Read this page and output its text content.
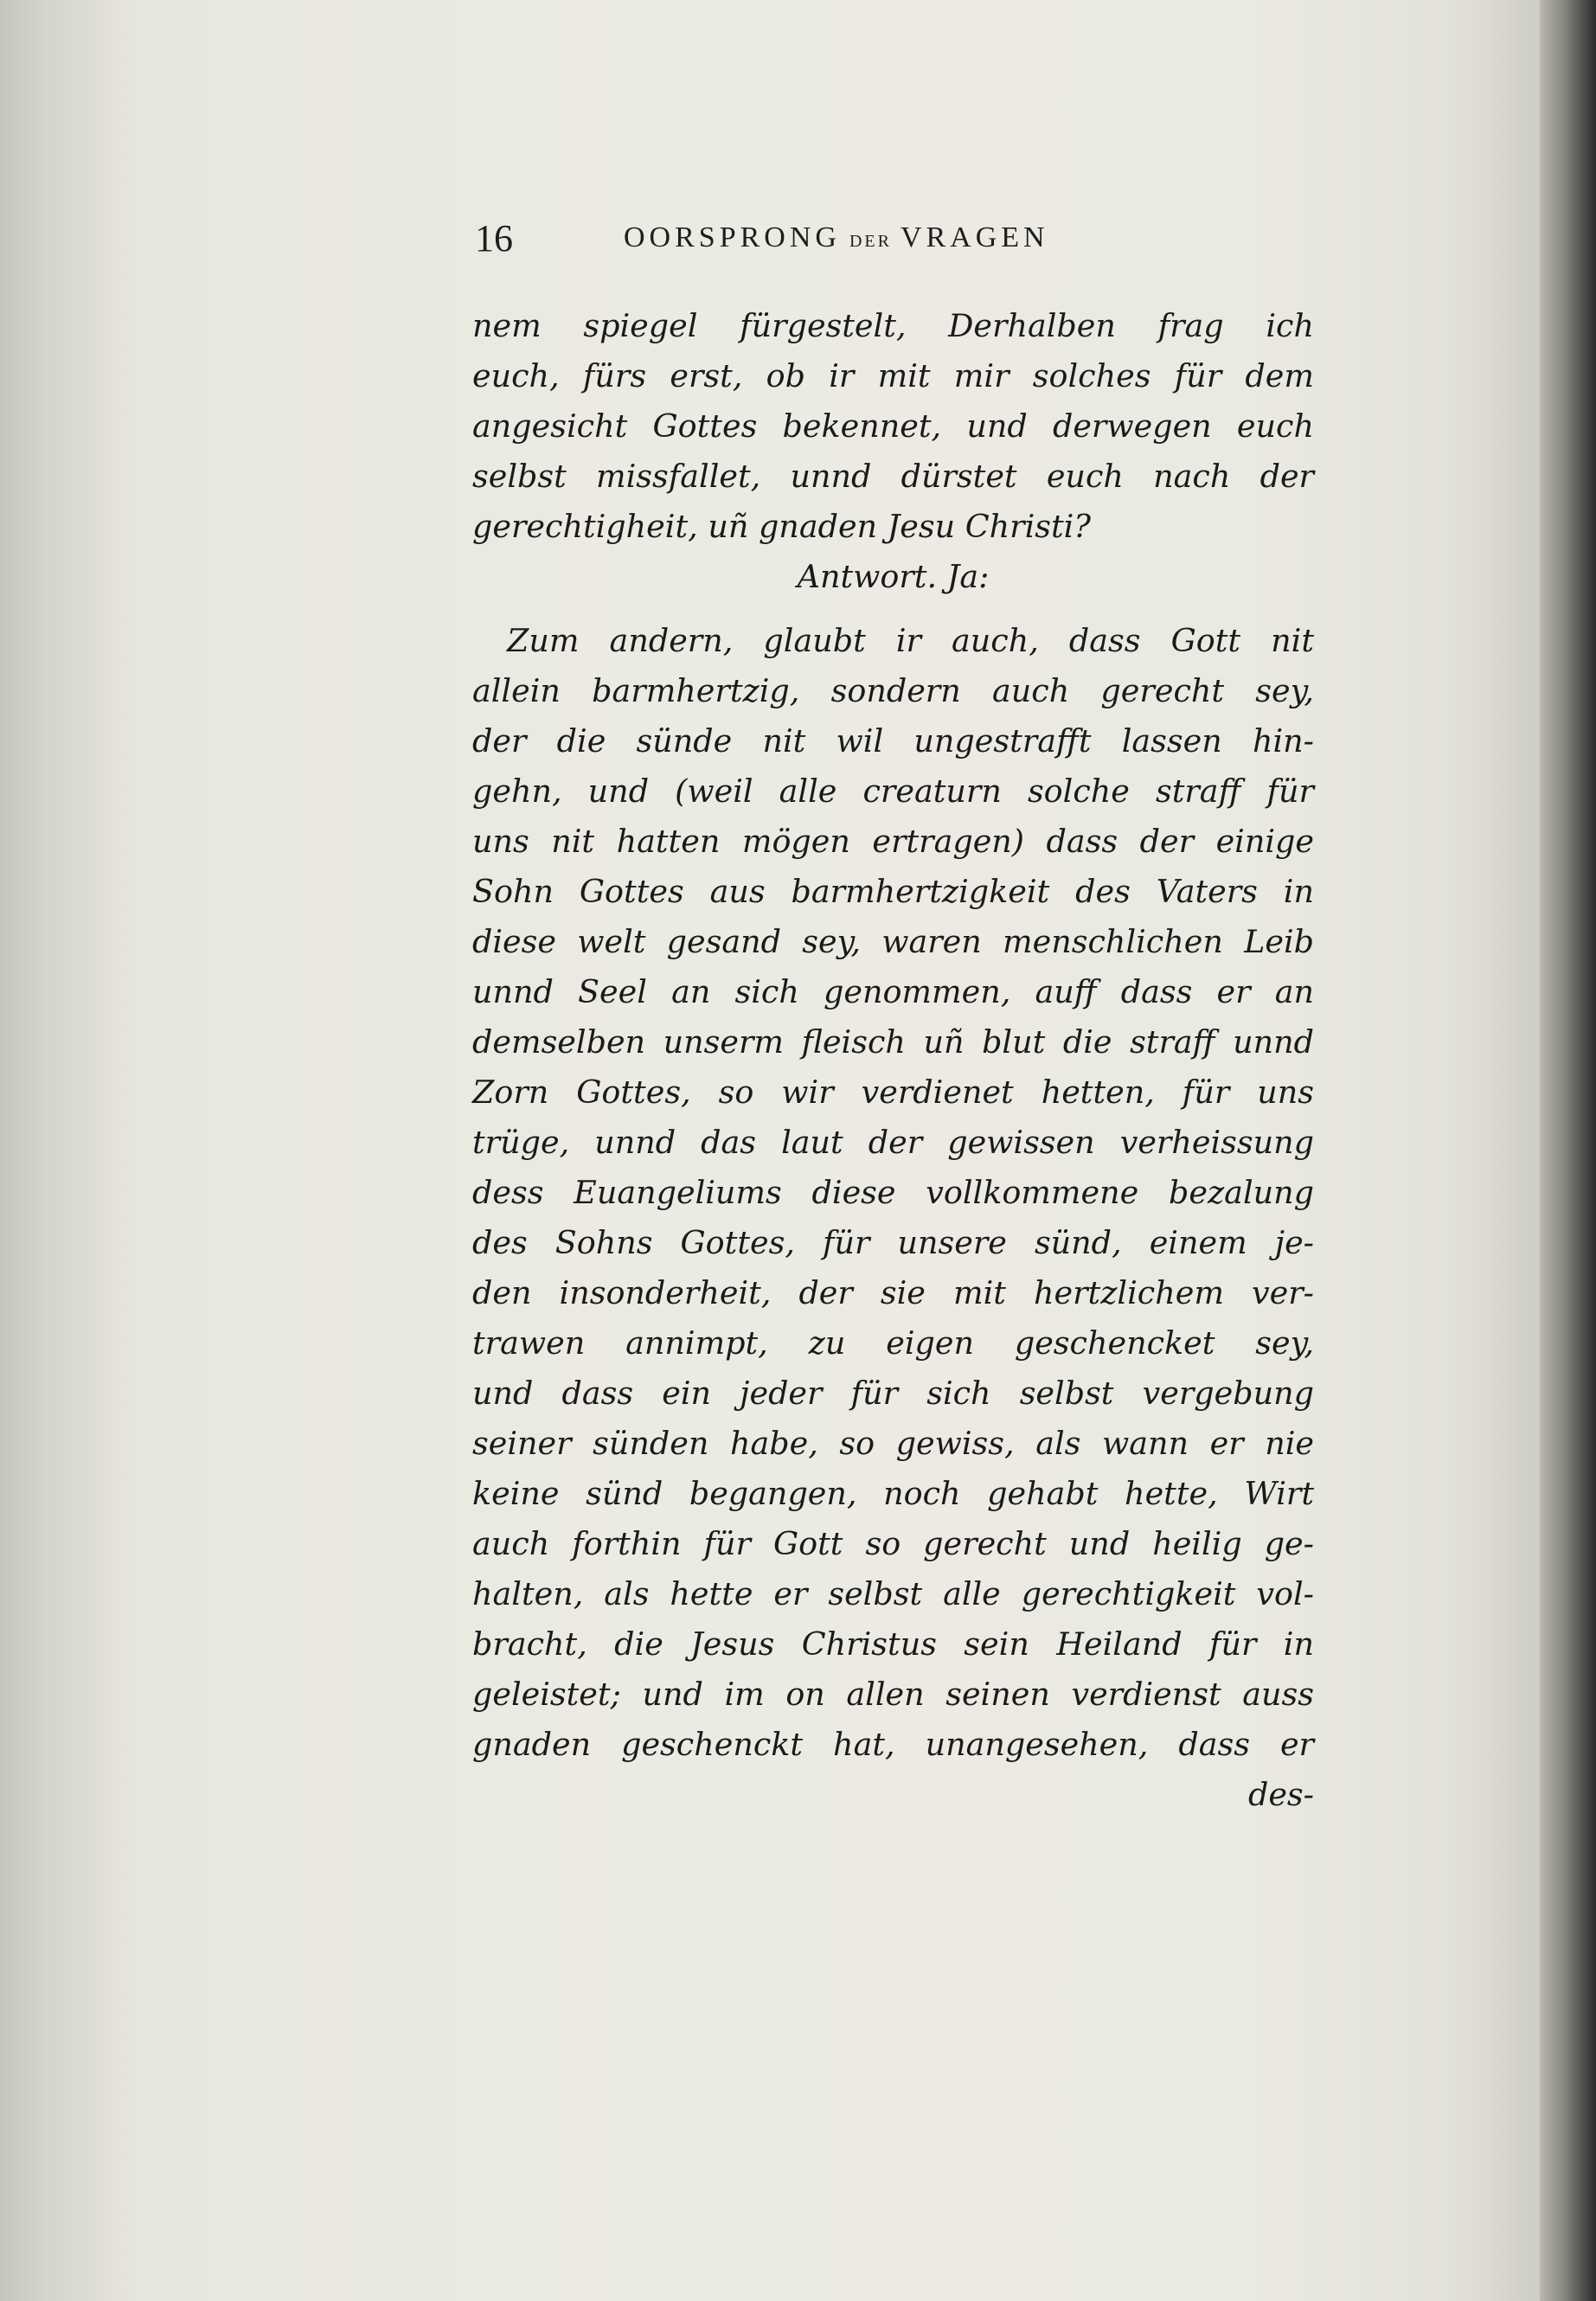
16	OORSPRONG DER VRAGEN
nem spiegel fürgestelt, Derhalben frag ich
euch, fürs erst, ob ir mit mir solches für dem
angesicht Gottes bekennet, und derwegen euch
selbst missfallet, unnd dürstet euch nach der
gerechtigheit, uñ gnaden Jesu Christi?
Antwort. Ja:
Zum andern, glaubt ir auch, dass Gott nit
allein barmhertzig, sondern auch gerecht sey,
der die sünde nit wil ungestrafft lassen hin-
gehn, und (weil alle creaturn solche straff für
uns nit hatten mögen ertragen) dass der einige
Sohn Gottes aus barmhertzigkeit des Vaters in
diese welt gesand sey, waren menschlichen Leib
unnd Seel an sich genommen, auff dass er an
demselben unserm fleisch uñ blut die straff unnd
Zorn Gottes, so wir verdienet hetten, für uns
trüge, unnd das laut der gewissen verheissung
dess Euangeliums diese vollkommene bezalung
des Sohns Gottes, für unsere sünd, einem je-
den insonderheit, der sie mit hertzlichem ver-
trawen annimpt, zu eigen geschencket sey,
und dass ein jeder für sich selbst vergebung
seiner sünden habe, so gewiss, als wann er nie
keine sünd begangen, noch gehabt hette, Wirt
auch forthin für Gott so gerecht und heilig ge-
halten, als hette er selbst alle gerechtigkeit vol-
bracht, die Jesus Christus sein Heiland für in
geleistet; und im on allen seinen verdienst auss
gnaden geschenckt hat, unangesehen, dass er
des-
